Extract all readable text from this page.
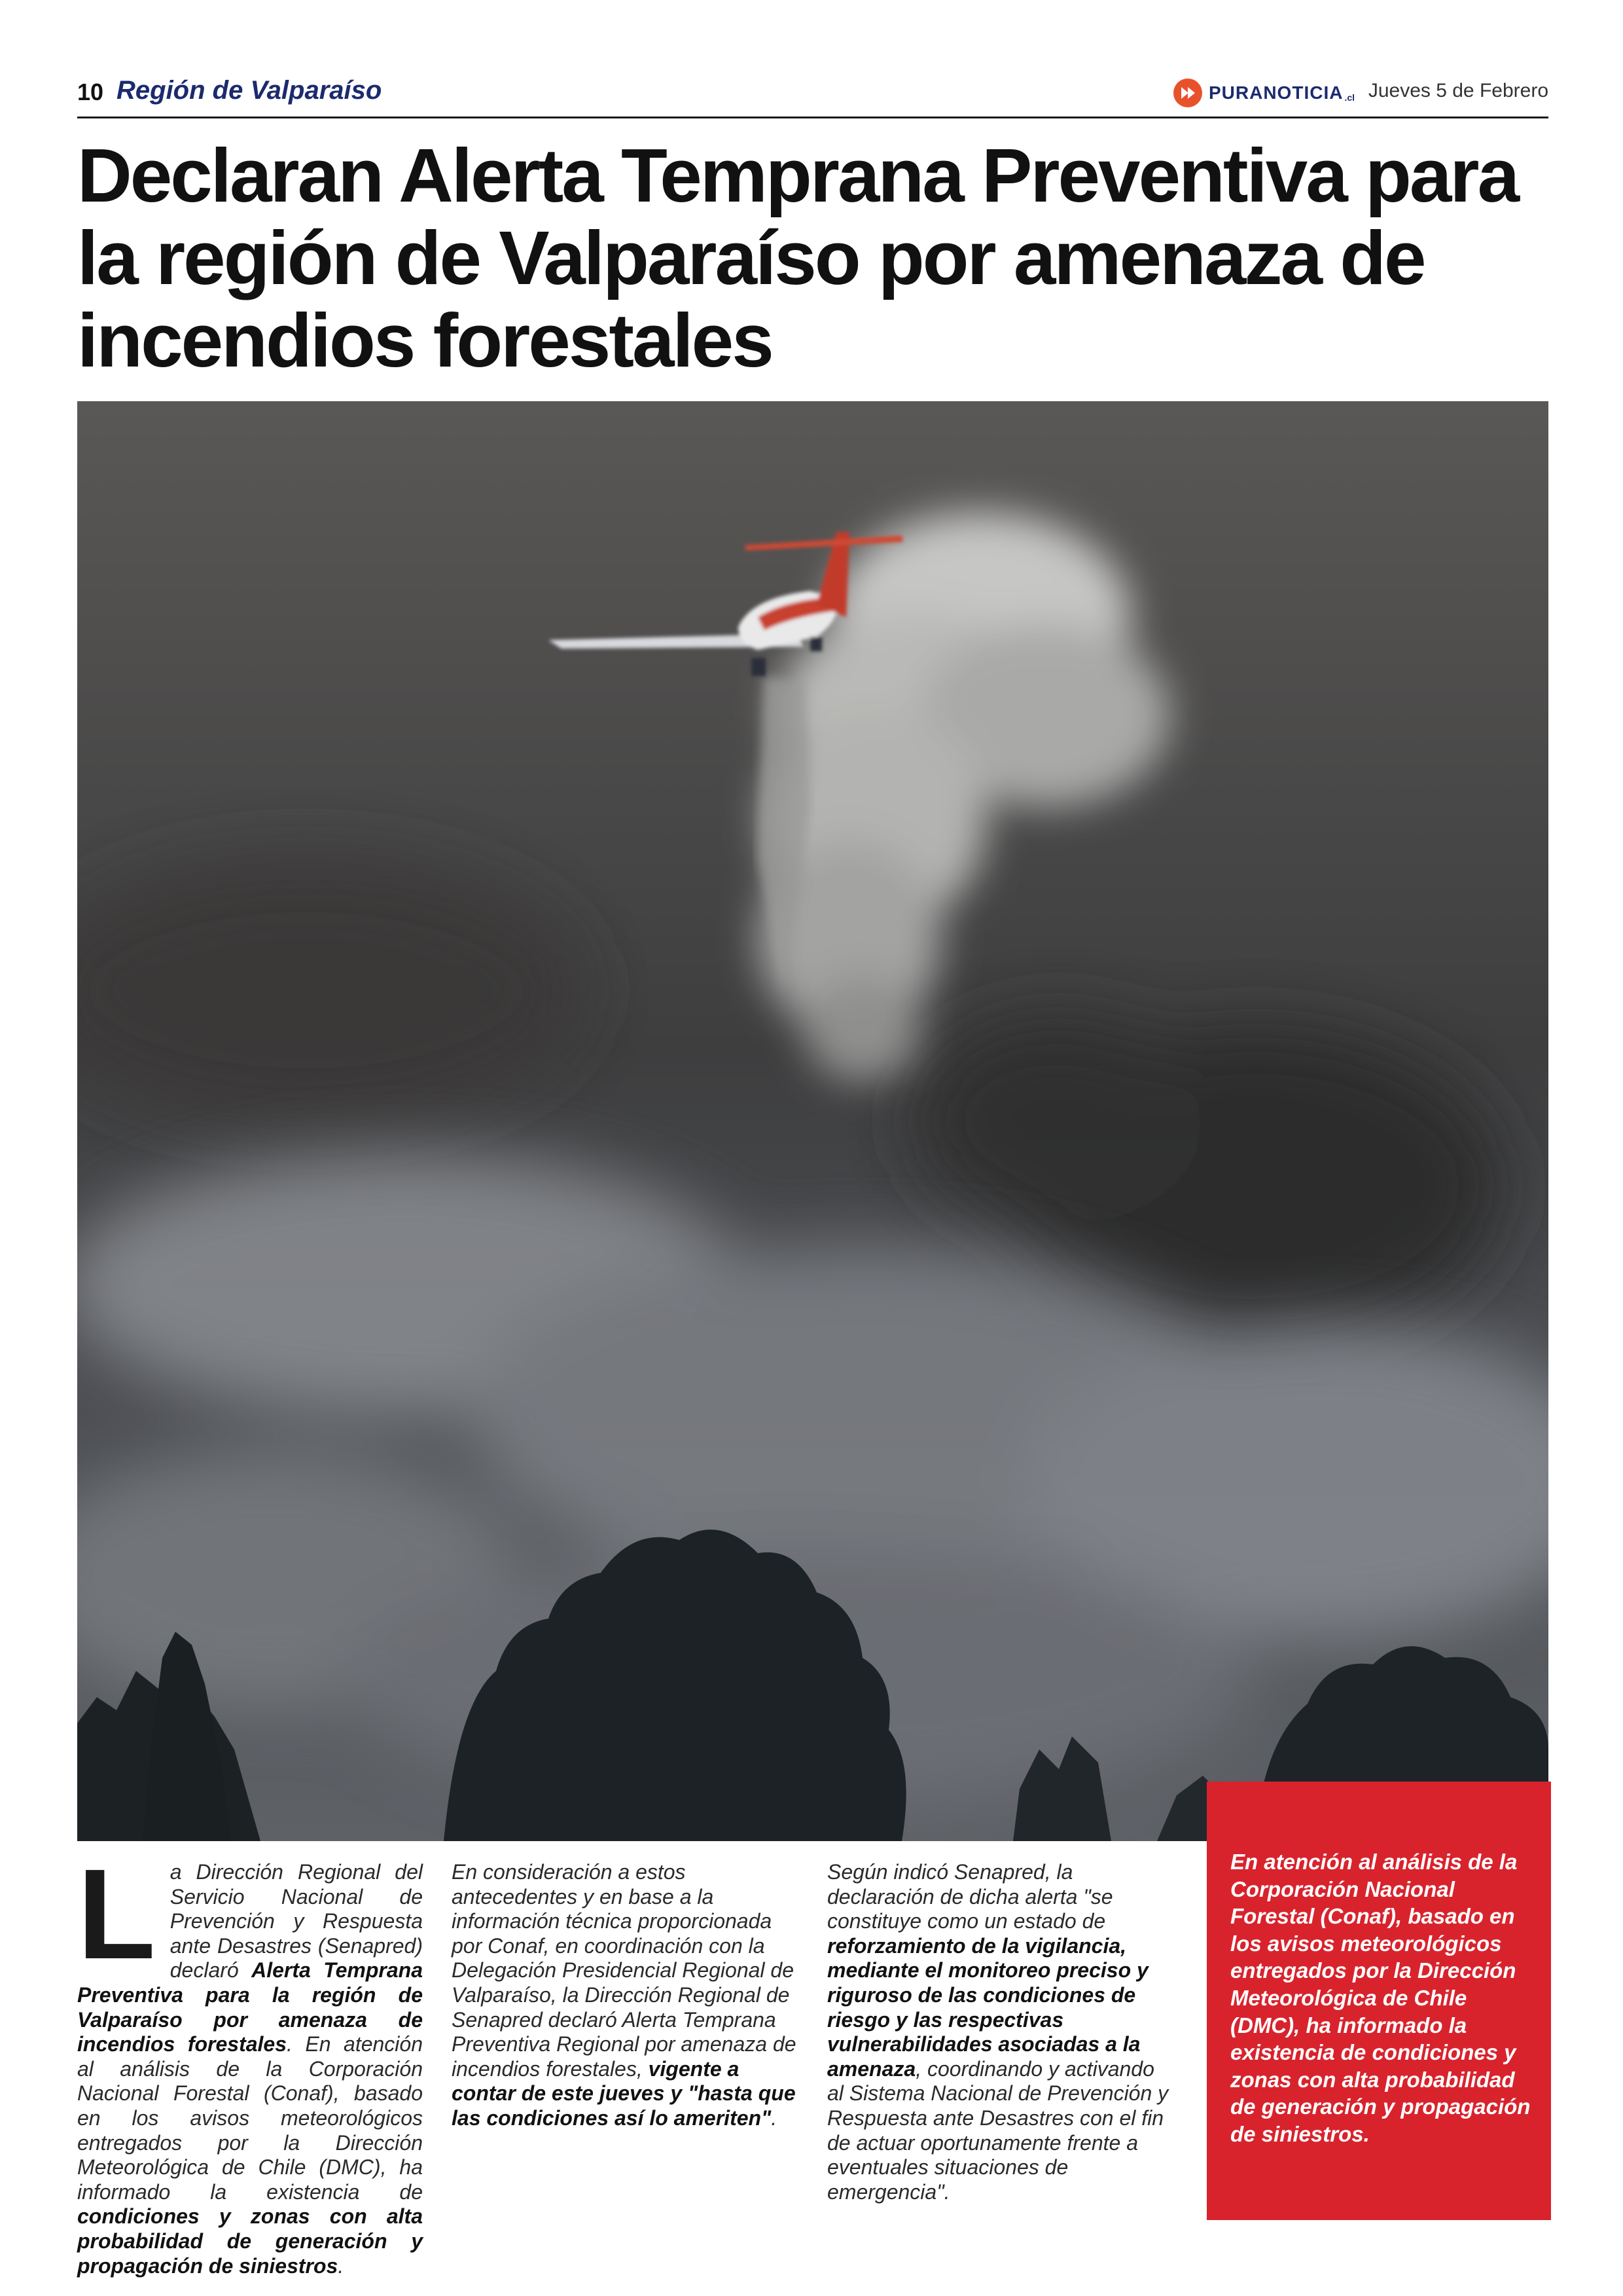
10 Región de Valparaíso	PURANOTICIA .cl Jueves 5 de Febrero
Declaran Alerta Temprana Preventiva para la región de Valparaíso por amenaza de incendios forestales

La Dirección Regional del Servicio Nacional de Prevención y Respuesta ante Desastres (Senapred) declaró Alerta Temprana Preventiva para la región de Valparaíso por amenaza de incendios forestales. En atención al análisis de la Corporación Nacional Forestal (Conaf), basado en los avisos meteorológicos entregados por la Dirección Meteorológica de Chile (DMC), ha informado la existencia de condiciones y zonas con alta probabilidad de generación y propagación de siniestros.

En consideración a estos antecedentes y en base a la información técnica proporcionada por Conaf, en coordinación con la Delegación Presidencial Regional de Valparaíso, la Dirección Regional de Senapred declaró Alerta Temprana Preventiva Regional por amenaza de incendios forestales, vigente a contar de este jueves y "hasta que las condiciones así lo ameriten".

Según indicó Senapred, la declaración de dicha alerta "se constituye como un estado de reforzamiento de la vigilancia, mediante el monitoreo preciso y riguroso de las condiciones de riesgo y las respectivas vulnerabilidades asociadas a la amenaza, coordinando y activando al Sistema Nacional de Prevención y Respuesta ante Desastres con el fin de actuar oportunamente frente a eventuales situaciones de emergencia".

En atención al análisis de la Corporación Nacional Forestal (Conaf), basado en los avisos meteorológicos entregados por la Dirección Meteorológica de Chile (DMC), ha informado la existencia de condiciones y zonas con alta probabilidad de generación y propagación de siniestros.
